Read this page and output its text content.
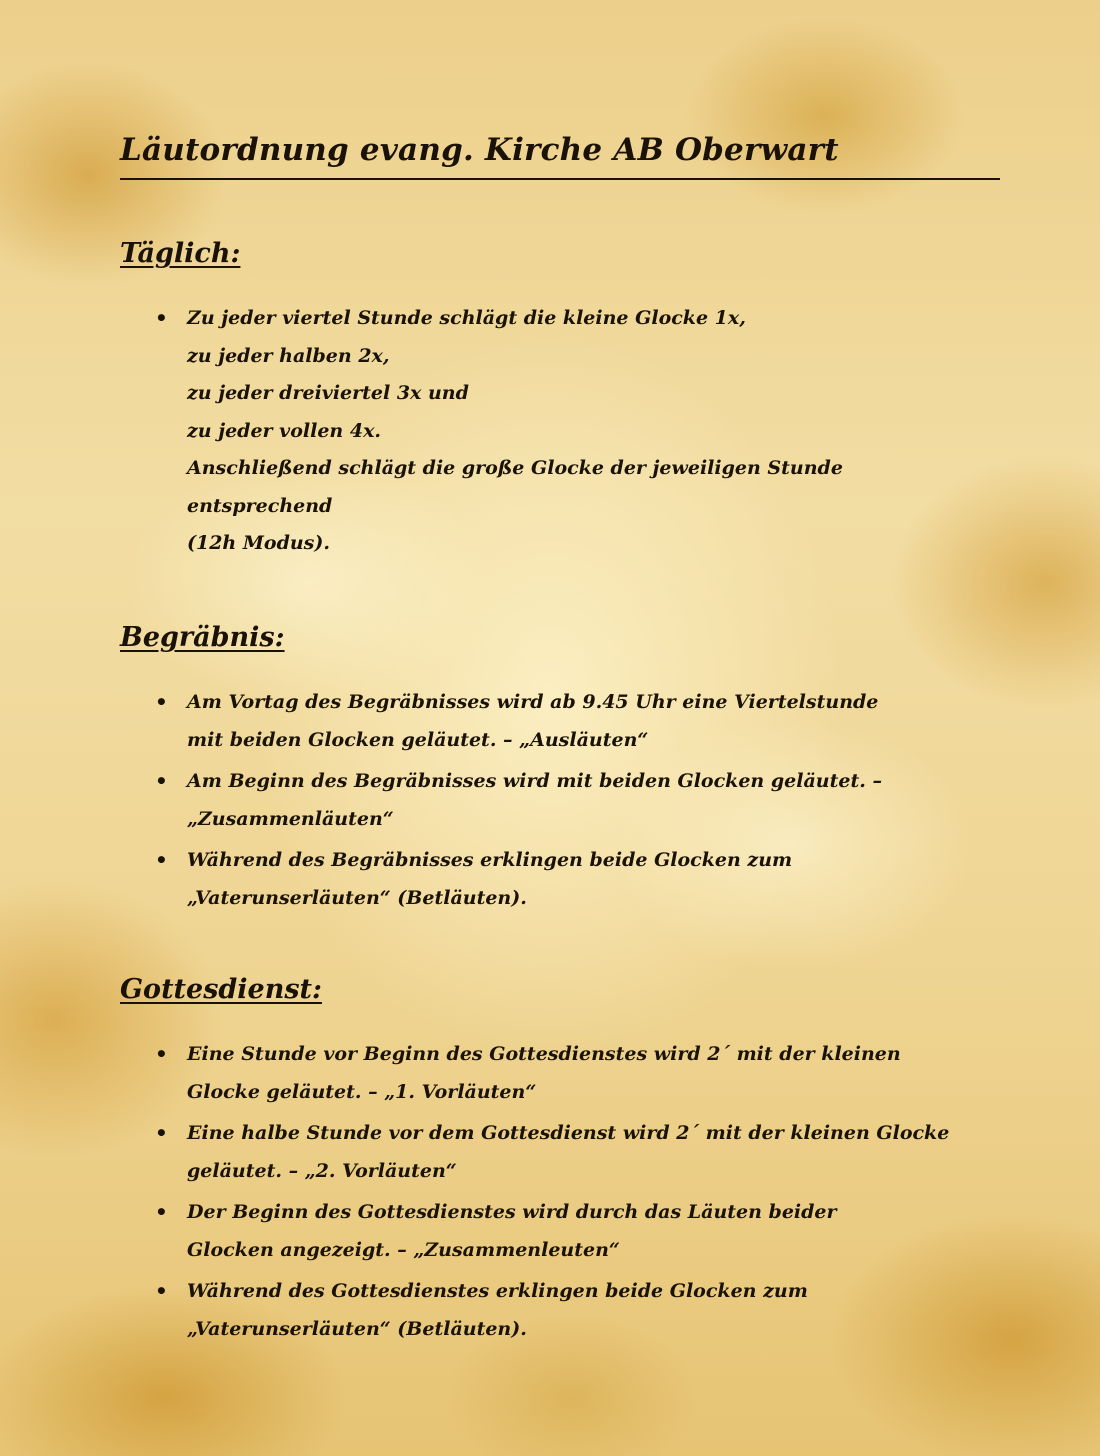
Läutordnung evang. Kirche AB Oberwart
Täglich:
• Zu jeder viertel Stunde schlägt die kleine Glocke 1x,
zu jeder halben 2x,
zu jeder dreiviertel 3x und
zu jeder vollen 4x.
Anschließend schlägt die große Glocke der jeweiligen Stunde
entsprechend
(12h Modus).
Begräbnis:
• Am Vortag des Begräbnisses wird ab 9.45 Uhr eine Viertelstunde
mit beiden Glocken geläutet. – „Ausläuten“
• Am Beginn des Begräbnisses wird mit beiden Glocken geläutet. –
„Zusammenläuten“
• Während des Begräbnisses erklingen beide Glocken zum
„Vaterunserläuten“ (Betläuten).
Gottesdienst:
• Eine Stunde vor Beginn des Gottesdienstes wird 2´ mit der kleinen
Glocke geläutet. – „1. Vorläuten“
• Eine halbe Stunde vor dem Gottesdienst wird 2´ mit der kleinen Glocke
geläutet. – „2. Vorläuten“
• Der Beginn des Gottesdienstes wird durch das Läuten beider
Glocken angezeigt. – „Zusammenleuten“
• Während des Gottesdienstes erklingen beide Glocken zum
„Vaterunserläuten“ (Betläuten).
